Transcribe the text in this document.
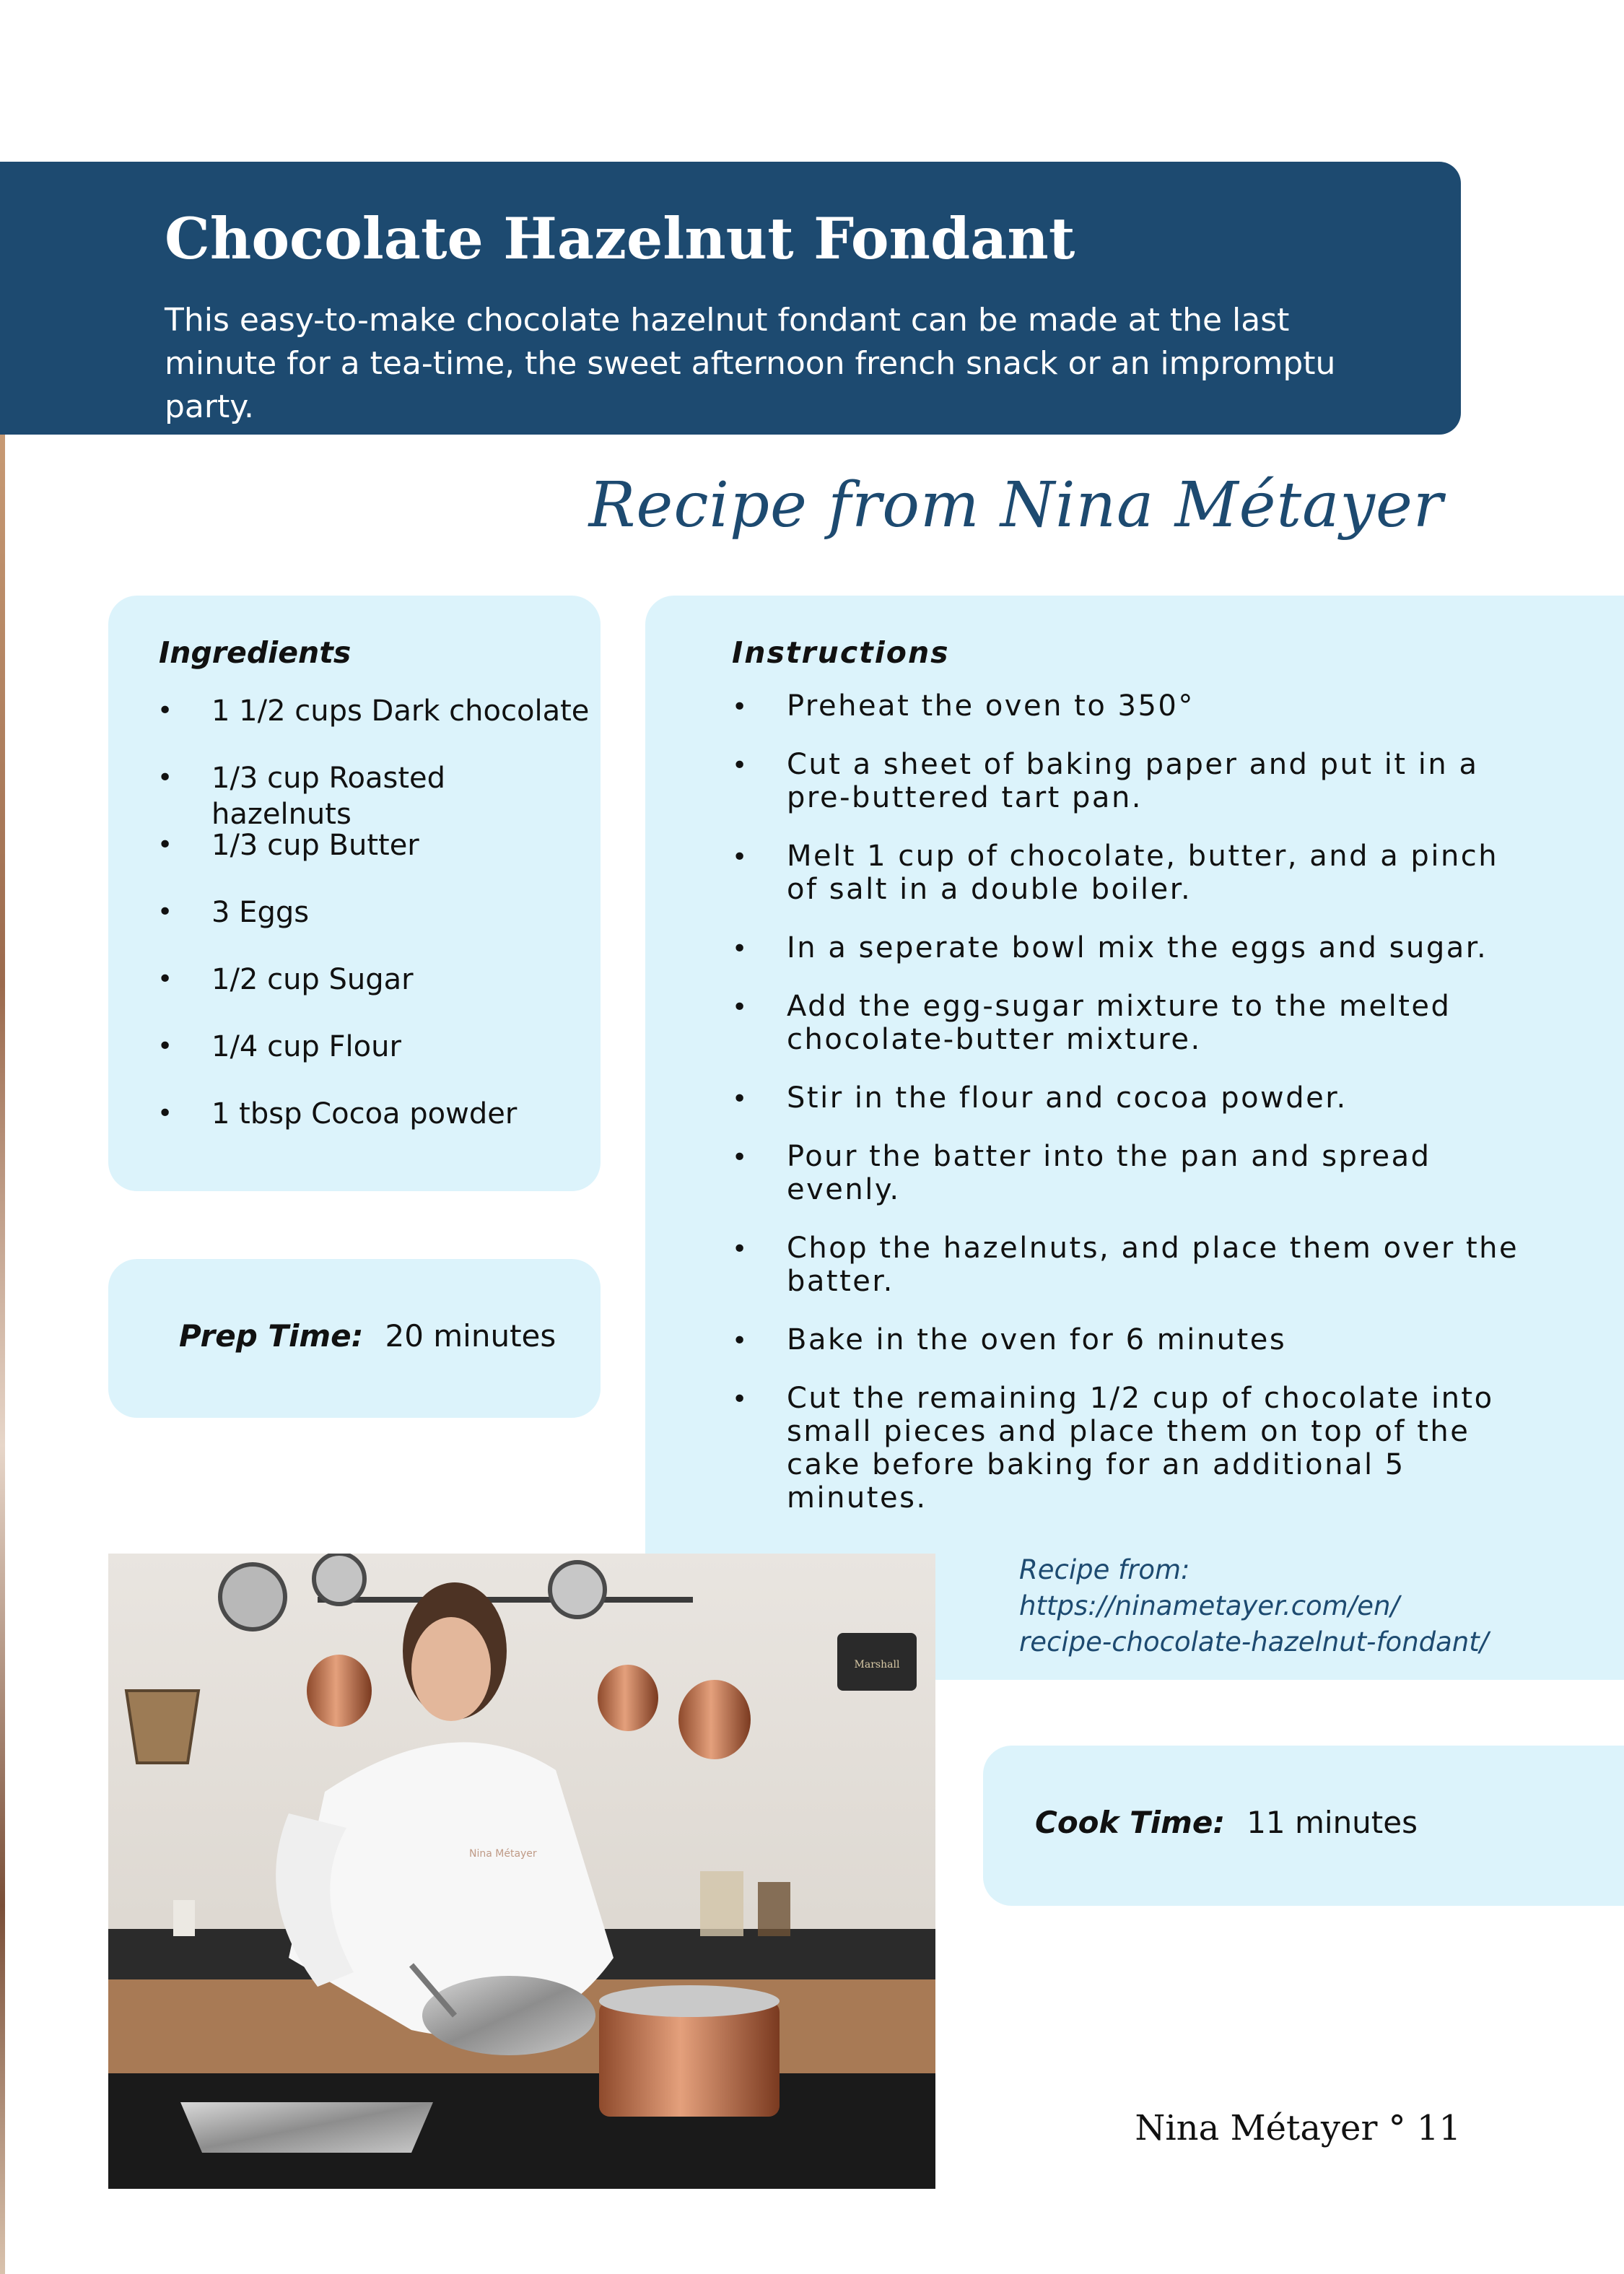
Chocolate Hazelnut Fondant
This easy-to-make chocolate hazelnut fondant can be made at the last minute for a tea-time, the sweet afternoon french snack or an impromptu party.
Recipe from Nina Métayer
Ingredients
• 1 1/2 cups Dark chocolate
• 1/3 cup Roasted hazelnuts
• 1/3 cup Butter
• 3 Eggs
• 1/2 cup Sugar
• 1/4 cup Flour
• 1 tbsp Cocoa powder
Prep Time: 20 minutes
Instructions
• Preheat the oven to 350°
• Cut a sheet of baking paper and put it in a pre-buttered tart pan.
• Melt 1 cup of chocolate, butter, and a pinch of salt in a double boiler.
• In a seperate bowl mix the eggs and sugar.
• Add the egg-sugar mixture to the melted chocolate-butter mixture.
• Stir in the flour and cocoa powder.
• Pour the batter into the pan and spread evenly.
• Chop the hazelnuts, and place them over the batter.
• Bake in the oven for 6 minutes
• Cut the remaining 1/2 cup of chocolate into small pieces and place them on top of the cake before baking for an additional 5 minutes.
Recipe from: https://ninametayer.com/en/
recipe-chocolate-hazelnut-fondant/
Cook Time: 11 minutes
Marshall
Nina Métayer
Nina Métayer ° 11
